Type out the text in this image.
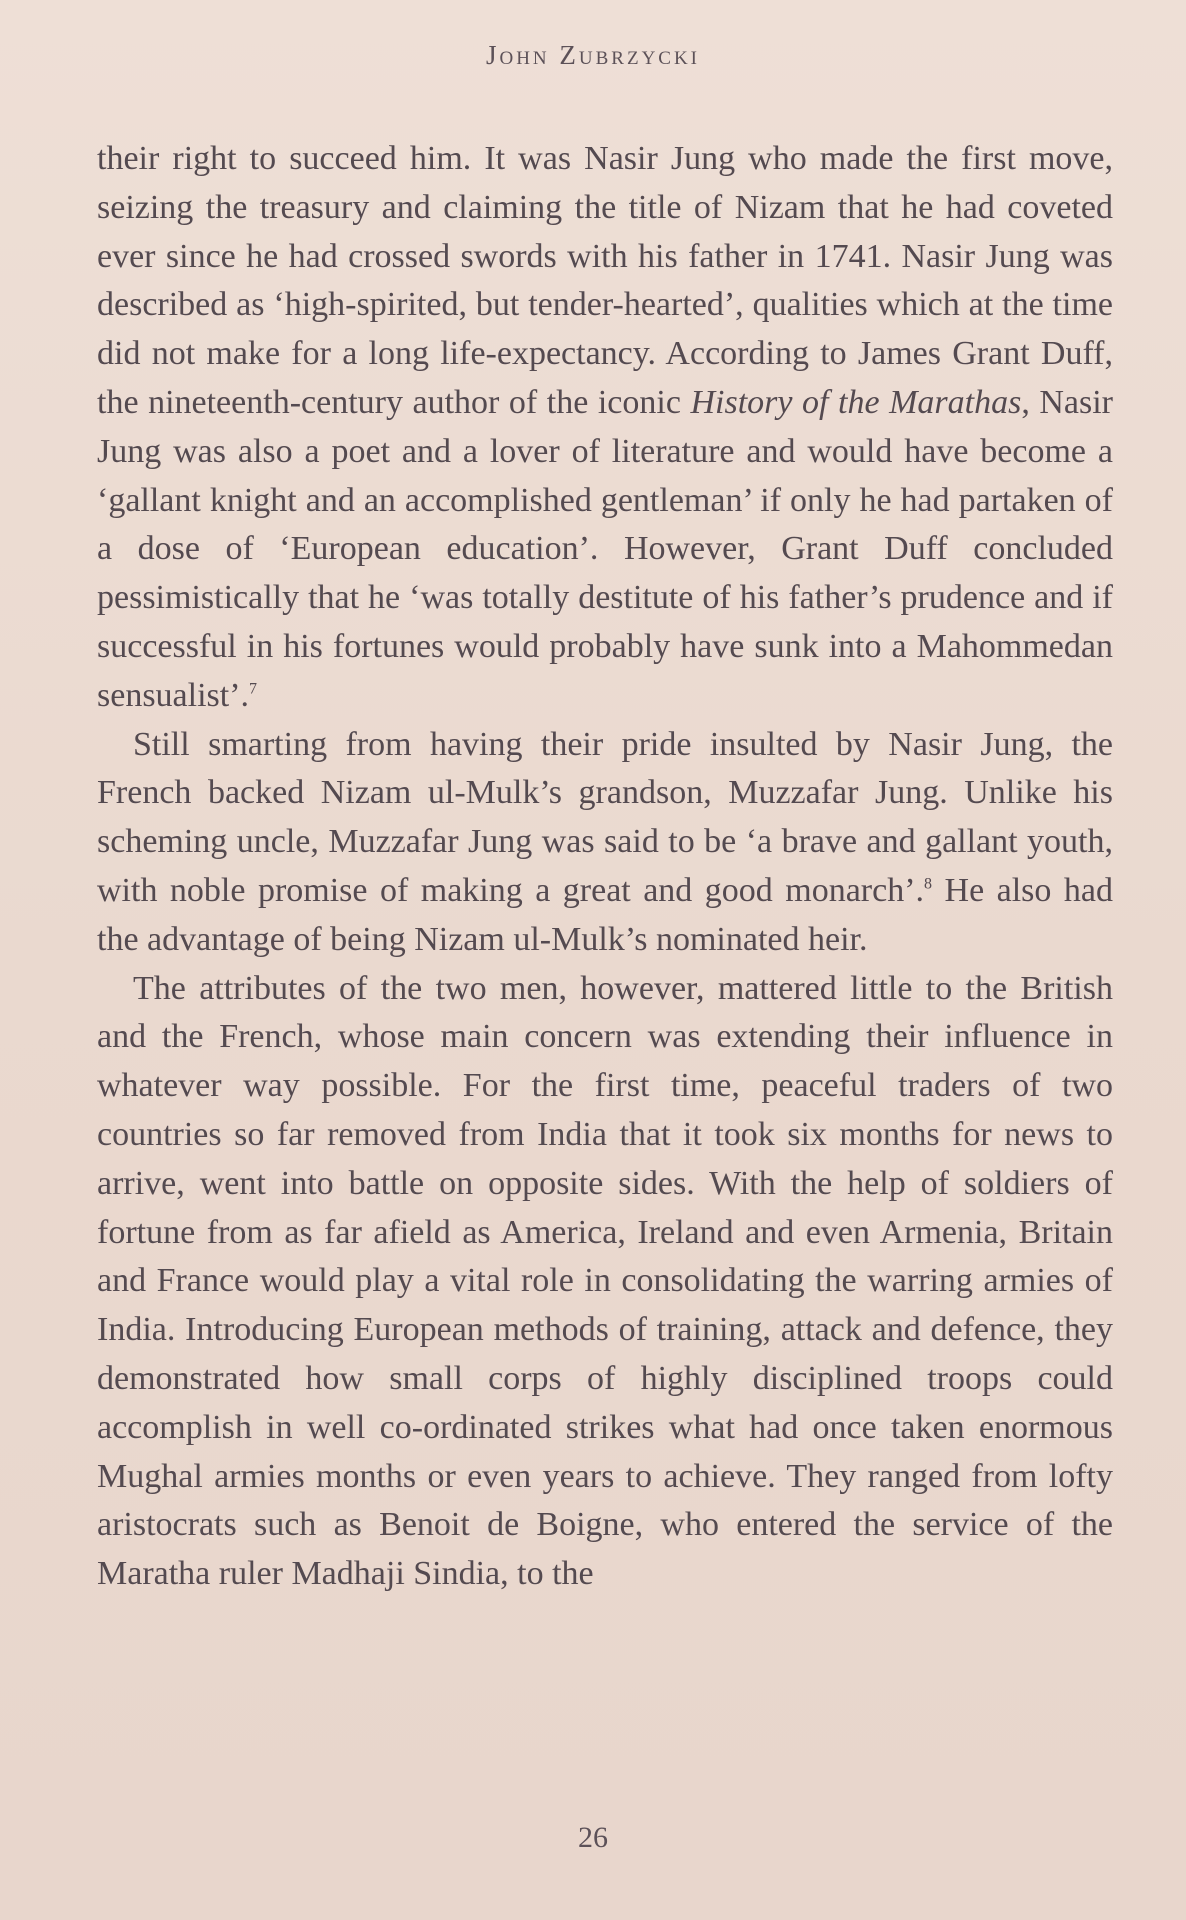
John Zubrzycki

their right to succeed him. It was Nasir Jung who made the first move, seizing the treasury and claiming the title of Nizam that he had coveted ever since he had crossed swords with his father in 1741. Nasir Jung was described as ‘high-spirited, but tender-hearted’, qualities which at the time did not make for a long life-expectancy. According to James Grant Duff, the nineteenth-century author of the iconic History of the Marathas, Nasir Jung was also a poet and a lover of literature and would have become a ‘gallant knight and an accomplished gentleman’ if only he had partaken of a dose of ‘European education’. However, Grant Duff concluded pessimistically that he ‘was totally destitute of his father’s prudence and if successful in his fortunes would probably have sunk into a Mahommedan sensualist’.$^7$

Still smarting from having their pride insulted by Nasir Jung, the French backed Nizam ul-Mulk’s grandson, Muzzafar Jung. Unlike his scheming uncle, Muzzafar Jung was said to be ‘a brave and gallant youth, with noble promise of making a great and good monarch’.$^8$ He also had the advantage of being Nizam ul-Mulk’s nominated heir.

The attributes of the two men, however, mattered little to the British and the French, whose main concern was extending their influence in whatever way possible. For the first time, peaceful traders of two countries so far removed from India that it took six months for news to arrive, went into battle on opposite sides. With the help of soldiers of fortune from as far afield as America, Ireland and even Armenia, Britain and France would play a vital role in consolidating the warring armies of India. Introducing European methods of training, attack and defence, they demonstrated how small corps of highly disciplined troops could accomplish in well co-ordinated strikes what had once taken enormous Mughal armies months or even years to achieve. They ranged from lofty aristocrats such as Benoit de Boigne, who entered the service of the Maratha ruler Madhaji Sindia, to the

26
